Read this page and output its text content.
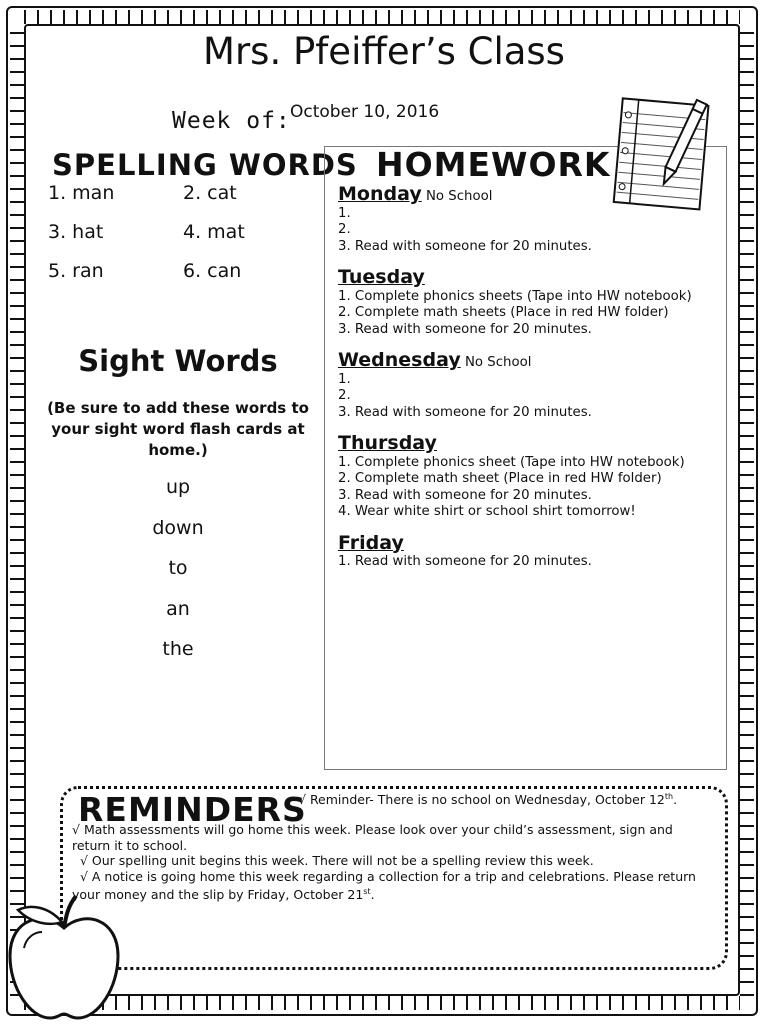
Mrs. Pfeiffer’s Class
Week of: October 10, 2016
SPELLING WORDS
1. man	2. cat
3. hat	4. mat
5. ran	6. can
Sight Words
(Be sure to add these words to your sight word flash cards at home.)
up
down
to
an
the
HOMEWORK
Monday No School
1.
2.
3. Read with someone for 20 minutes.
Tuesday
1. Complete phonics sheets (Tape into HW notebook)
2. Complete math sheets (Place in red HW folder)
3. Read with someone for 20 minutes.
Wednesday No School
1.
2.
3. Read with someone for 20 minutes.
Thursday
1. Complete phonics sheet (Tape into HW notebook)
2. Complete math sheet (Place in red HW folder)
3. Read with someone for 20 minutes.
4. Wear white shirt or school shirt tomorrow!
Friday
1. Read with someone for 20 minutes.
REMINDERS
√ Reminder- There is no school on Wednesday, October 12th.
√ Math assessments will go home this week. Please look over your child’s assessment, sign and return it to school.
√ Our spelling unit begins this week. There will not be a spelling review this week.
√ A notice is going home this week regarding a collection for a trip and celebrations. Please return your money and the slip by Friday, October 21st.
